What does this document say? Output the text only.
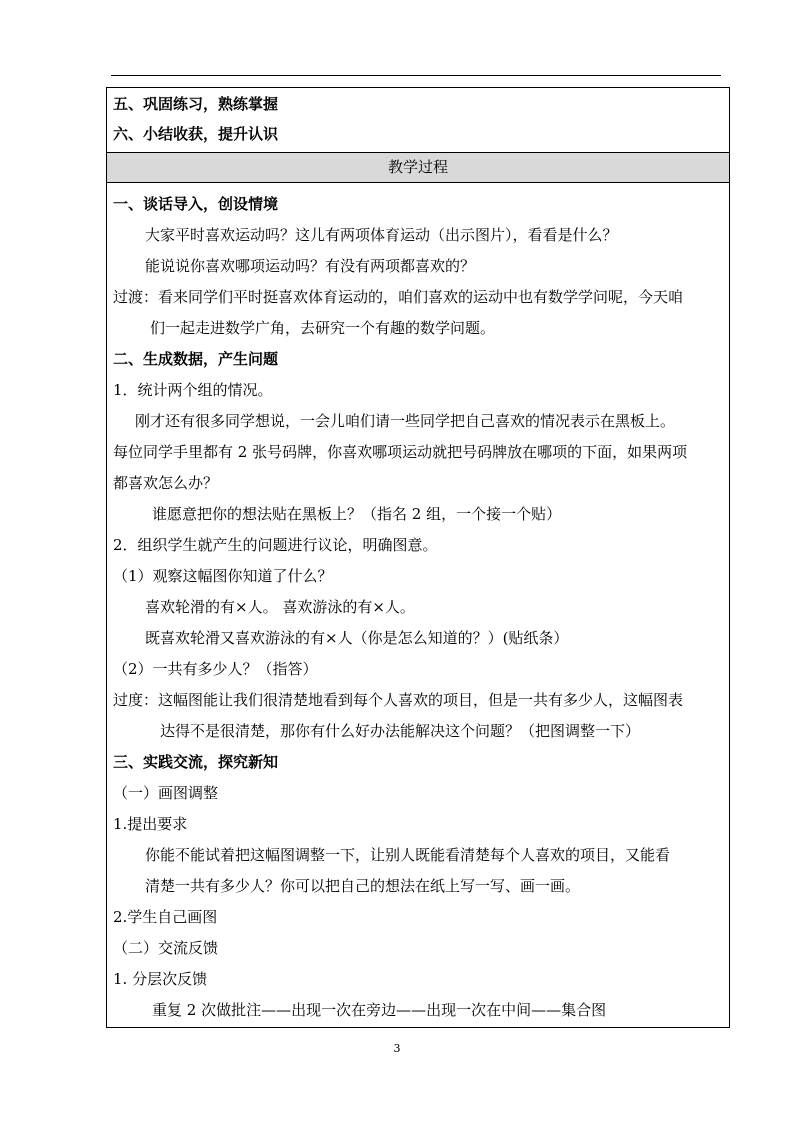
五、巩固练习，熟练掌握
六、小结收获，提升认识
教学过程
一、谈话导入，创设情境
大家平时喜欢运动吗？这儿有两项体育运动（出示图片），看看是什么？
能说说你喜欢哪项运动吗？有没有两项都喜欢的？
过渡：看来同学们平时挺喜欢体育运动的，咱们喜欢的运动中也有数学学问呢，今天咱
们一起走进数学广角，去研究一个有趣的数学问题。
二、生成数据，产生问题
1．统计两个组的情况。
刚才还有很多同学想说，一会儿咱们请一些同学把自己喜欢的情况表示在黑板上。
每位同学手里都有 2 张号码牌，你喜欢哪项运动就把号码牌放在哪项的下面，如果两项
都喜欢怎么办？
谁愿意把你的想法贴在黑板上？（指名 2 组，一个接一个贴）
2．组织学生就产生的问题进行议论，明确图意。
（1）观察这幅图你知道了什么？
喜欢轮滑的有×人。 喜欢游泳的有×人。
既喜欢轮滑又喜欢游泳的有×人（你是怎么知道的？）(贴纸条）
（2）一共有多少人？（指答）
过度：这幅图能让我们很清楚地看到每个人喜欢的项目，但是一共有多少人，这幅图表
达得不是很清楚，那你有什么好办法能解决这个问题？（把图调整一下）
三、实践交流，探究新知
（一）画图调整
1.提出要求
你能不能试着把这幅图调整一下，让别人既能看清楚每个人喜欢的项目，又能看
清楚一共有多少人？你可以把自己的想法在纸上写一写、画一画。
2.学生自己画图
（二）交流反馈
1. 分层次反馈
重复 2 次做批注——出现一次在旁边——出现一次在中间——集合图
3
